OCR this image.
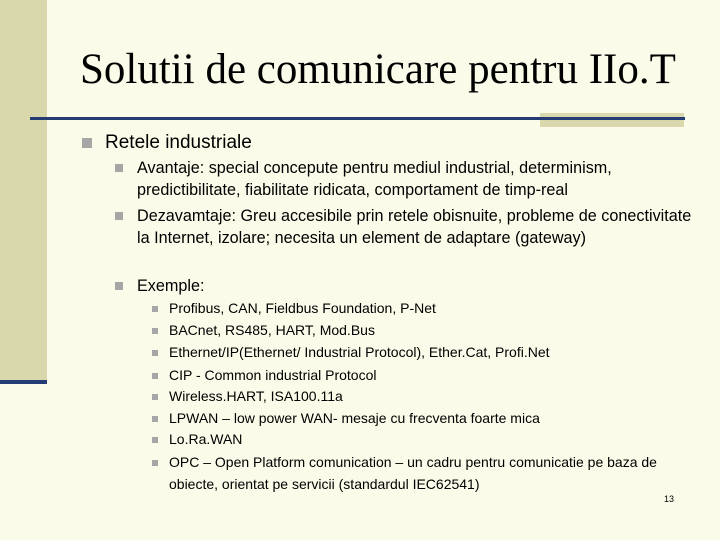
Solutii de comunicare pentru IIo.T
Retele industriale
Avantaje: special concepute pentru mediul industrial, determinism, predictibilitate, fiabilitate ridicata, comportament de timp-real
Dezavamtaje: Greu accesibile prin retele obisnuite, probleme de conectivitate la Internet, izolare; necesita un element de adaptare (gateway)
Exemple:
Profibus, CAN, Fieldbus Foundation, P-Net
BACnet, RS485, HART, Mod.Bus
Ethernet/IP(Ethernet/ Industrial Protocol), Ether.Cat, Profi.Net
CIP - Common industrial Protocol
Wireless.HART, ISA100.11a
LPWAN – low power WAN- mesaje cu frecventa foarte mica
Lo.Ra.WAN
OPC – Open Platform comunication – un cadru pentru comunicatie pe baza de obiecte, orientat pe servicii (standardul IEC62541)
13
